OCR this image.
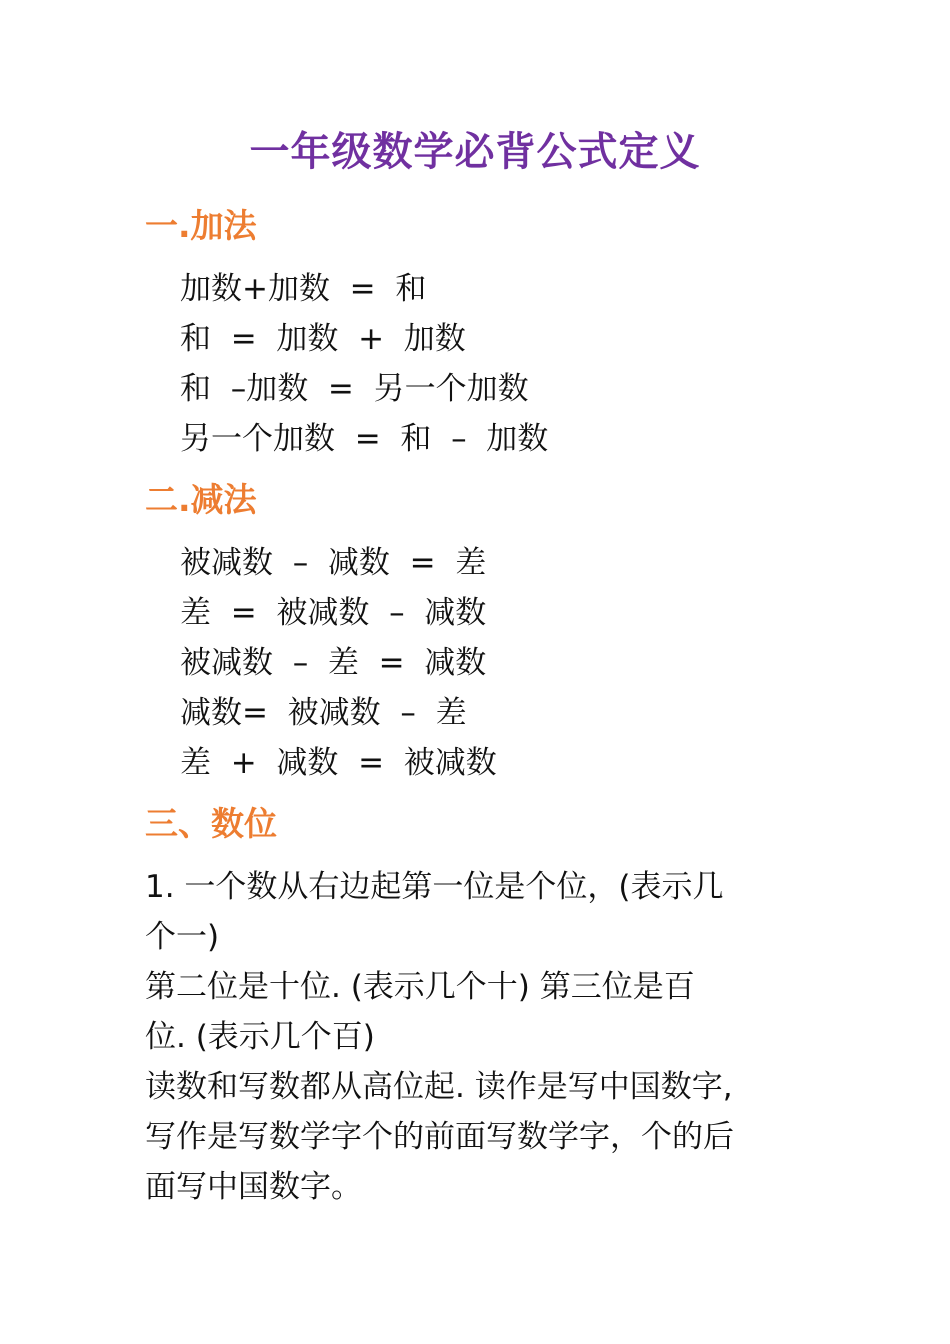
一年级数学必背公式定义
一.加法
加数+加数  =  和
和  =  加数  +  加数
和  –加数  =  另一个加数
另一个加数  =  和  –  加数
二.减法
被减数  –  减数  =  差
差  =  被减数  –  减数
被减数  –  差  =  减数
减数=  被减数  –  差
差  +  减数  =  被减数
三、数位
1. 一个数从右边起第一位是个位，(表示几
个一)
第二位是十位. (表示几个十) 第三位是百
位. (表示几个百)
读数和写数都从高位起. 读作是写中国数字,
写作是写数学字个的前面写数学字，个的后
面写中国数字。
